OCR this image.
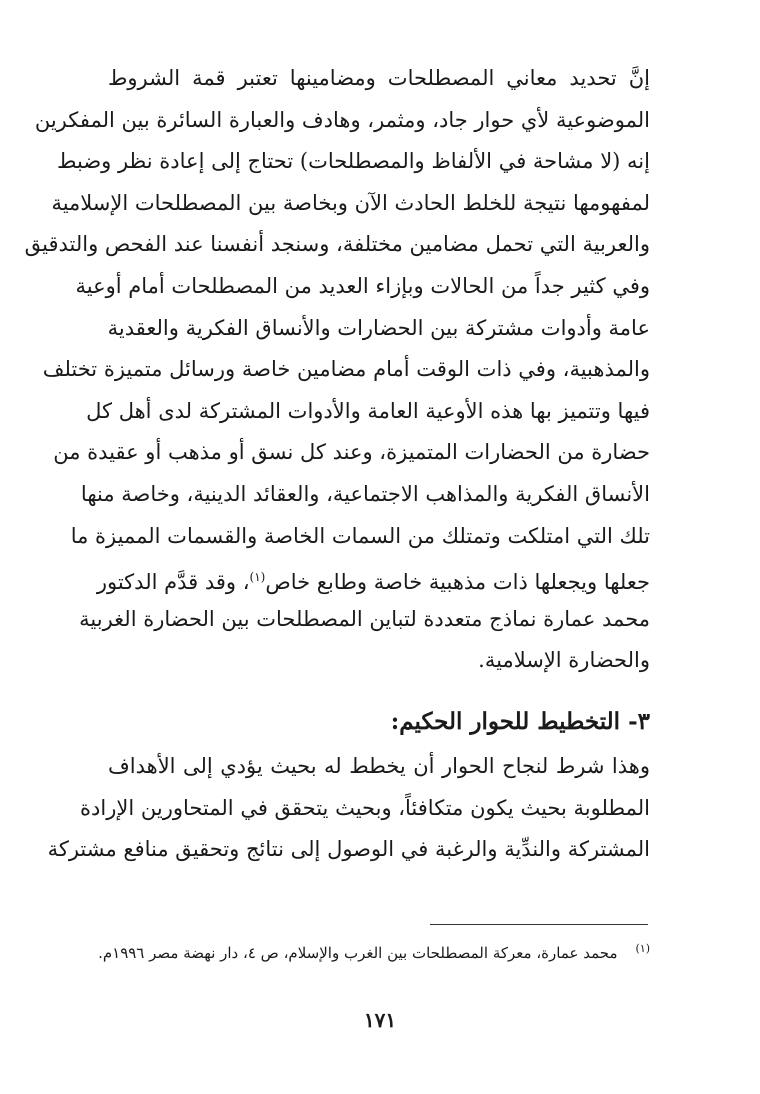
إنَّ تحديد معاني المصطلحات ومضامينها تعتبر قمة الشروط
الموضوعية لأي حوار جاد، ومثمر، وهادف والعبارة السائرة بين المفكرين
إنه (لا مشاحة في الألفاظ والمصطلحات) تحتاج إلى إعادة نظر وضبط
لمفهومها نتيجة للخلط الحادث الآن وبخاصة بين المصطلحات الإسلامية
والعربية التي تحمل مضامين مختلفة، وسنجد أنفسنا عند الفحص والتدقيق
وفي كثير جداً من الحالات وبإزاء العديد من المصطلحات أمام أوعية
عامة وأدوات مشتركة بين الحضارات والأنساق الفكرية والعقدية
والمذهبية، وفي ذات الوقت أمام مضامين خاصة ورسائل متميزة تختلف
فيها وتتميز بها هذه الأوعية العامة والأدوات المشتركة لدى أهل كل
حضارة من الحضارات المتميزة، وعند كل نسق أو مذهب أو عقيدة من
الأنساق الفكرية والمذاهب الاجتماعية، والعقائد الدينية، وخاصة منها
تلك التي امتلكت وتمتلك من السمات الخاصة والقسمات المميزة ما
جعلها ويجعلها ذات مذهبية خاصة وطابع خاص$^{(١)}$، وقد قدَّم الدكتور
محمد عمارة نماذج متعددة لتباين المصطلحات بين الحضارة الغربية
والحضارة الإسلامية.
٣- التخطيط للحوار الحكيم:
وهذا شرط لنجاح الحوار أن يخطط له بحيث يؤدي إلى الأهداف
المطلوبة بحيث يكون متكافئاً، وبحيث يتحقق في المتحاورين الإرادة
المشتركة والندِّية والرغبة في الوصول إلى نتائج وتحقيق منافع مشتركة
$^{(١)}$محمد عمارة، معركة المصطلحات بين الغرب والإسلام، ص ٤، دار نهضة مصر ١٩٩٦م.
١٧١
